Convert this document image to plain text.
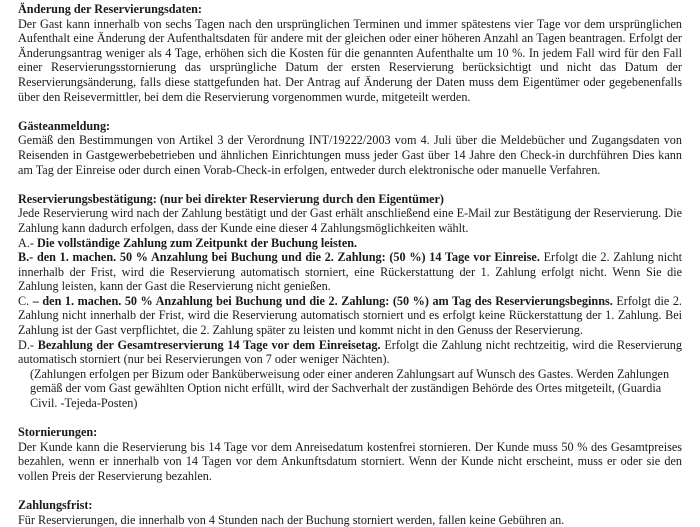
Änderung der Reservierungsdaten:

Der Gast kann innerhalb von sechs Tagen nach den ursprünglichen Terminen und immer spätestens vier Tage vor dem ursprünglichen Aufenthalt eine Änderung der Aufenthaltsdaten für andere mit der gleichen oder einer höheren Anzahl an Tagen beantragen. Erfolgt der Änderungsantrag weniger als 4 Tage, erhöhen sich die Kosten für die genannten Aufenthalte um 10 %. In jedem Fall wird für den Fall einer Reservierungsstornierung das ursprüngliche Datum der ersten Reservierung berücksichtigt und nicht das Datum der Reservierungsänderung, falls diese stattgefunden hat. Der Antrag auf Änderung der Daten muss dem Eigentümer oder gegebenenfalls über den Reisevermittler, bei dem die Reservierung vorgenommen wurde, mitgeteilt werden.

Gästeanmeldung:

Gemäß den Bestimmungen von Artikel 3 der Verordnung INT/19222/2003 vom 4. Juli über die Meldebücher und Zugangsdaten von Reisenden in Gastgewerbebetrieben und ähnlichen Einrichtungen muss jeder Gast über 14 Jahre den Check-in durchführen Dies kann am Tag der Einreise oder durch einen Vorab-Check-in erfolgen, entweder durch elektronische oder manuelle Verfahren.

Reservierungsbestätigung: (nur bei direkter Reservierung durch den Eigentümer)

Jede Reservierung wird nach der Zahlung bestätigt und der Gast erhält anschließend eine E-Mail zur Bestätigung der Reservierung. Die Zahlung kann dadurch erfolgen, dass der Kunde eine dieser 4 Zahlungsmöglichkeiten wählt.

A.- Die vollständige Zahlung zum Zeitpunkt der Buchung leisten.

B.- den 1. machen. 50 % Anzahlung bei Buchung und die 2. Zahlung: (50 %) 14 Tage vor Einreise. Erfolgt die 2. Zahlung nicht innerhalb der Frist, wird die Reservierung automatisch storniert, eine Rückerstattung der 1. Zahlung erfolgt nicht. Wenn Sie die Zahlung leisten, kann der Gast die Reservierung nicht genießen.

C. – den 1. machen. 50 % Anzahlung bei Buchung und die 2. Zahlung: (50 %) am Tag des Reservierungsbeginns. Erfolgt die 2. Zahlung nicht innerhalb der Frist, wird die Reservierung automatisch storniert und es erfolgt keine Rückerstattung der 1. Zahlung. Bei Zahlung ist der Gast verpflichtet, die 2. Zahlung später zu leisten und kommt nicht in den Genuss der Reservierung.

D.- Bezahlung der Gesamtreservierung 14 Tage vor dem Einreisetag. Erfolgt die Zahlung nicht rechtzeitig, wird die Reservierung automatisch storniert (nur bei Reservierungen von 7 oder weniger Nächten).

(Zahlungen erfolgen per Bizum oder Banküberweisung oder einer anderen Zahlungsart auf Wunsch des Gastes. Werden Zahlungen gemäß der vom Gast gewählten Option nicht erfüllt, wird der Sachverhalt der zuständigen Behörde des Ortes mitgeteilt, (Guardia Civil. -Tejeda-Posten)

Stornierungen:

Der Kunde kann die Reservierung bis 14 Tage vor dem Anreisedatum kostenfrei stornieren. Der Kunde muss 50 % des Gesamtpreises bezahlen, wenn er innerhalb von 14 Tagen vor dem Ankunftsdatum storniert. Wenn der Kunde nicht erscheint, muss er oder sie den vollen Preis der Reservierung bezahlen.

Zahlungsfrist:

Für Reservierungen, die innerhalb von 4 Stunden nach der Buchung storniert werden, fallen keine Gebühren an.
